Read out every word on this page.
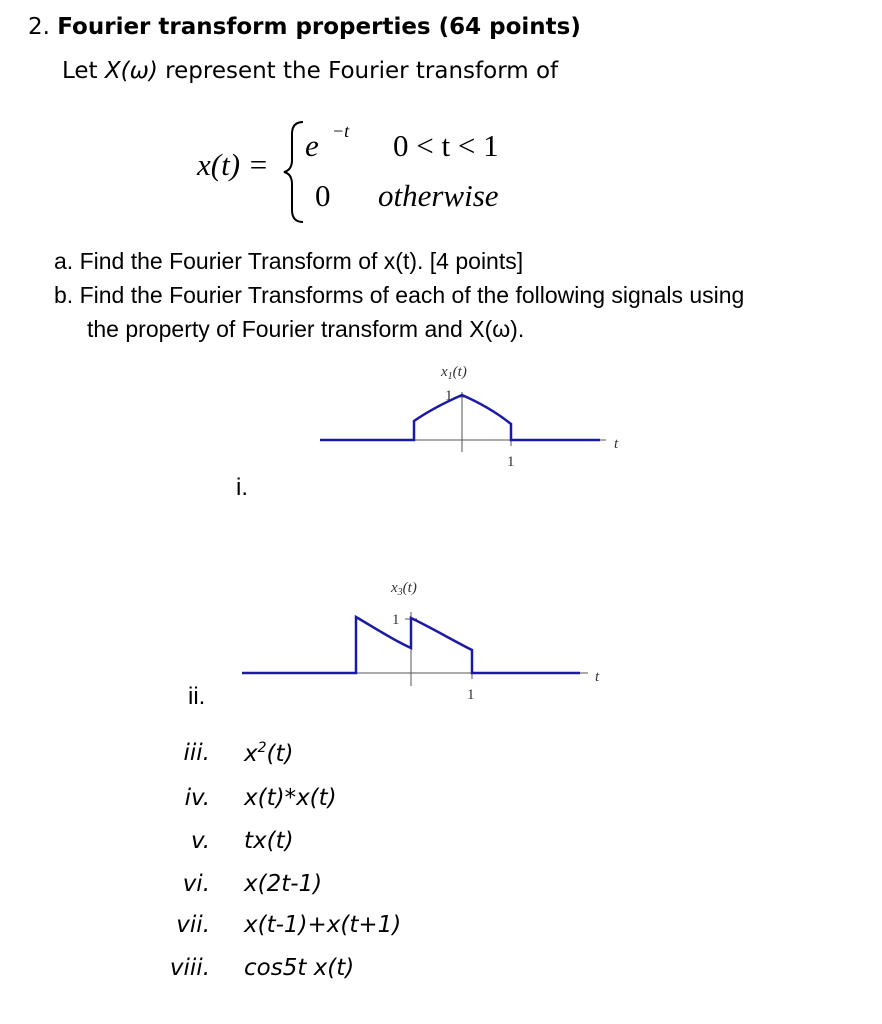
2. Fourier transform properties (64 points)
Let X(ω) represent the Fourier transform of
x(t) =
e −t 0 < t < 1
0 otherwise
a. Find the Fourier Transform of x(t). [4 points]
b. Find the Fourier Transforms of each of the following signals using
the property of Fourier transform and X(ω).
$x_1(t)$
1
1
t
i.
$x_3(t)$
1
1
t
ii.
iii. $x^2(t)$
iv. x(t)*x(t)
v. tx(t)
vi. x(2t-1)
vii. x(t-1)+x(t+1)
viii. cos5t x(t)
